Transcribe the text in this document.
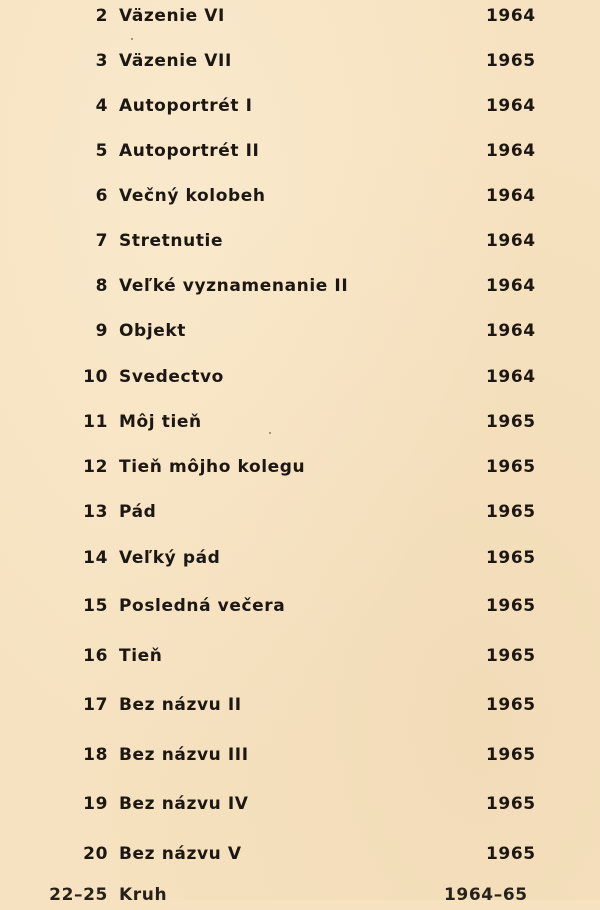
2 Väzenie VI	1964
3 Väzenie VII	1965
4 Autoportrét I	1964
5 Autoportrét II	1964
6 Večný kolobeh	1964
7 Stretnutie	1964
8 Veľké vyznamenanie II	1964
9 Objekt	1964
10 Svedectvo	1964
11 Môj tieň	1965
12 Tieň môjho kolegu	1965
13 Pád	1965
14 Veľký pád	1965
15 Posledná večera	1965
16 Tieň	1965
17 Bez názvu II	1965
18 Bez názvu III	1965
19 Bez názvu IV	1965
20 Bez názvu V	1965
22–25 Kruh	1964–65
